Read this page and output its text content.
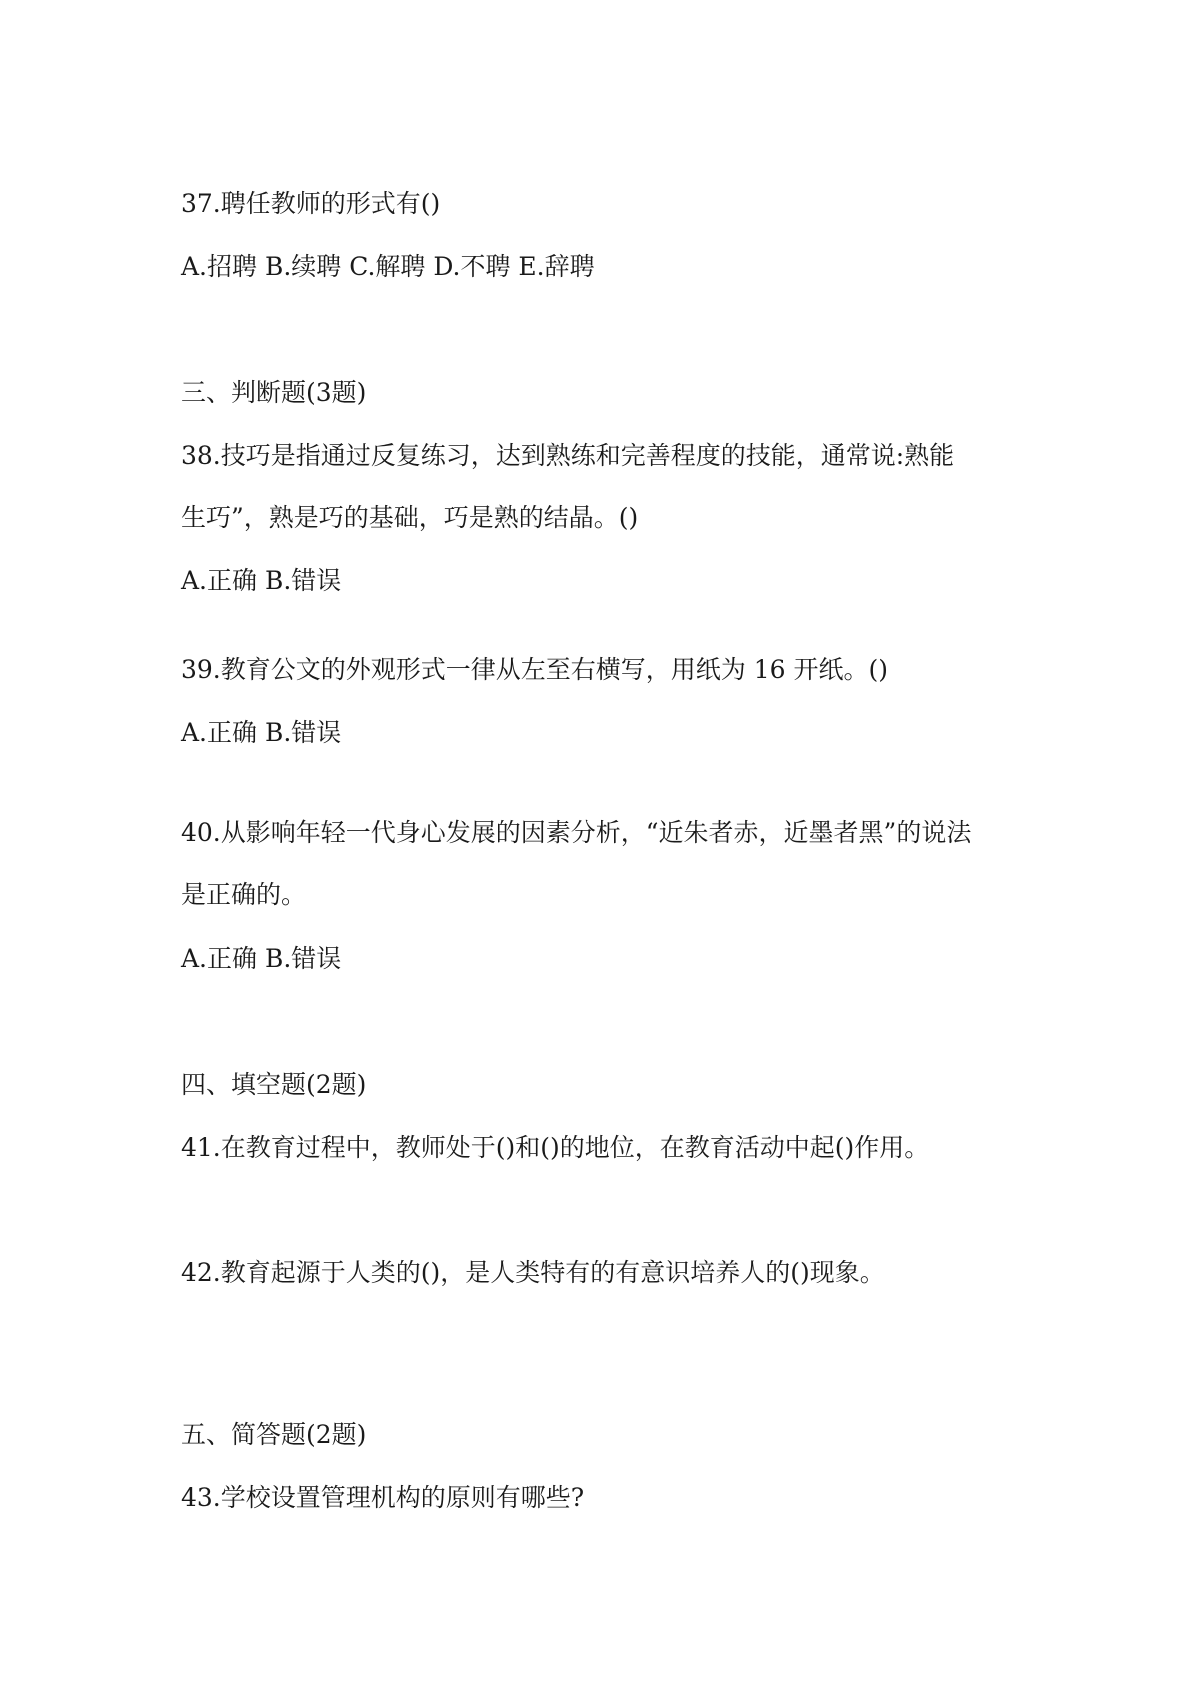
37.聘任教师的形式有()

A.招聘 B.续聘 C.解聘 D.不聘 E.辞聘

三、判断题(3题)

38.技巧是指通过反复练习，达到熟练和完善程度的技能，通常说:熟能

生巧”，熟是巧的基础，巧是熟的结晶。()

A.正确 B.错误

39.教育公文的外观形式一律从左至右横写，用纸为 16 开纸。()

A.正确 B.错误

40.从影响年轻一代身心发展的因素分析，“近朱者赤，近墨者黑”的说法

是正确的。

A.正确 B.错误

四、填空题(2题)

41.在教育过程中，教师处于()和()的地位，在教育活动中起()作用。

42.教育起源于人类的()，是人类特有的有意识培养人的()现象。

五、简答题(2题)

43.学校设置管理机构的原则有哪些?
